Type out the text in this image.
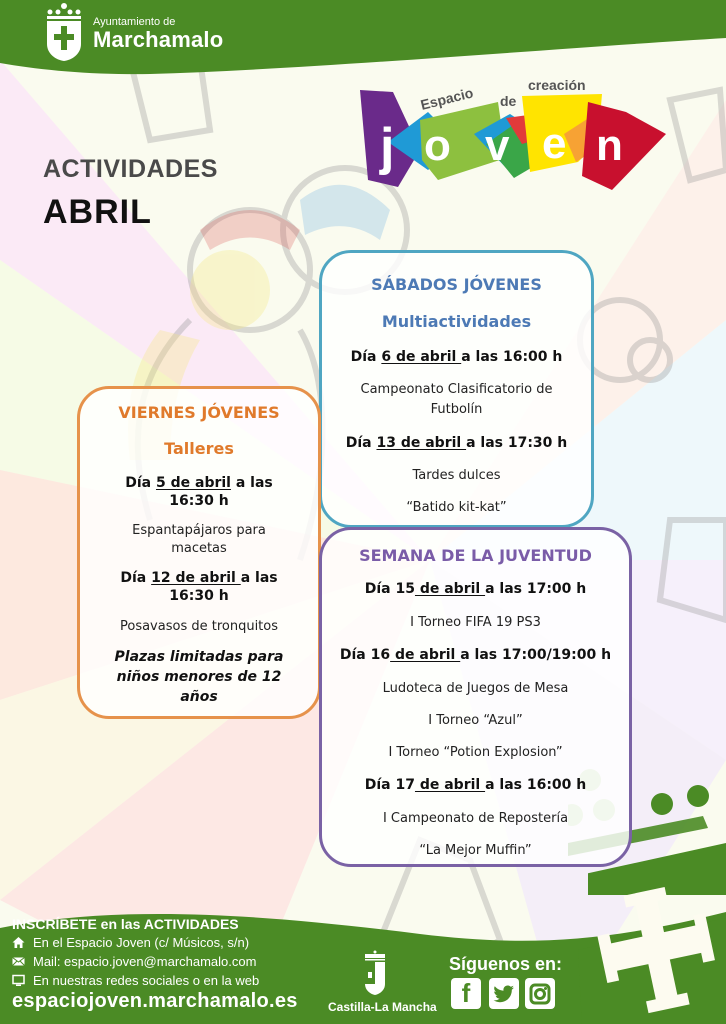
Ayuntamiento de
Marchamalo
Espacio de
creación
j o v e n
ACTIVIDADES
ABRIL
SÁBADOS JÓVENES
Multiactividades
Día 6 de abril a las 16:00 h
Campeonato Clasificatorio de
Futbolín
Día 13 de abril a las 17:30 h
Tardes dulces
“Batido kit-kat”
VIERNES JÓVENES
Talleres
Día 5 de abril a las
16:30 h
Espantapájaros para
macetas
Día 12 de abril a las
16:30 h
Posavasos de tronquitos
Plazas limitadas para
niños menores de 12
años
SEMANA DE LA JUVENTUD
Día 15 de abril a las 17:00 h
I Torneo FIFA 19 PS3
Día 16 de abril a las 17:00/19:00 h
Ludoteca de Juegos de Mesa
I Torneo “Azul”
I Torneo “Potion Explosion”
Día 17 de abril a las 16:00 h
I Campeonato de Repostería
“La Mejor Muffin”
INSCRÍBETE en las ACTIVIDADES
En el Espacio Joven (c/ Músicos, s/n)
Mail: espacio.joven@marchamalo.com
En nuestras redes sociales o en la web
espaciojoven.marchamalo.es	Castilla-La Mancha
Síguenos en:
f
